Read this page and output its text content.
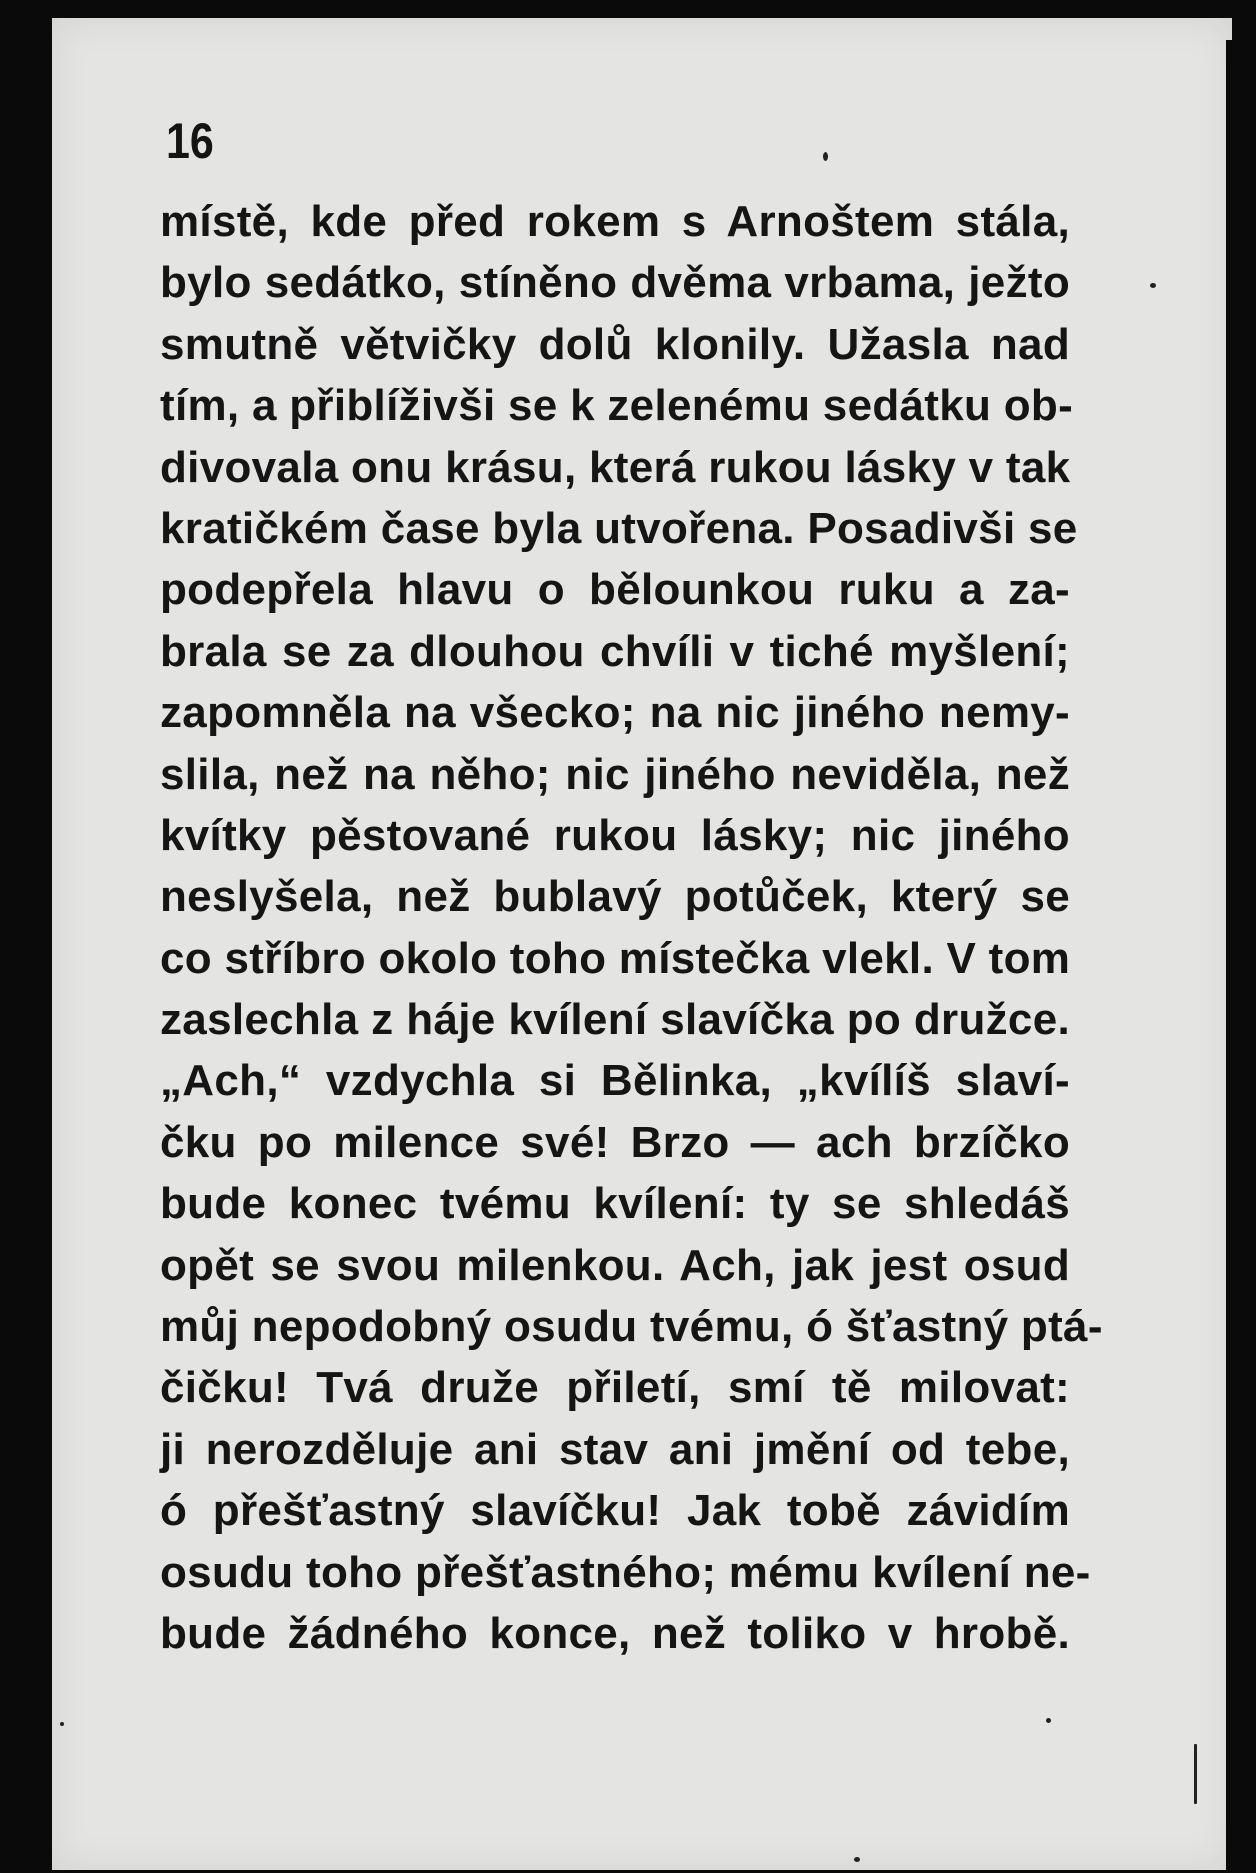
16
místě, kde před rokem s Arnoštem stála,
bylo sedátko, stíněno dvěma vrbama, ježto
smutně větvičky dolů klonily. Užasla nad
tím, a přiblíživši se k zelenému sedátku ob-
divovala onu krásu, která rukou lásky v tak
kratičkém čase byla utvořena. Posadivši se
podepřela hlavu o bělounkou ruku a za-
brala se za dlouhou chvíli v tiché myšlení;
zapomněla na všecko; na nic jiného nemy-
slila, než na něho; nic jiného neviděla, než
kvítky pěstované rukou lásky; nic jiného
neslyšela, než bublavý potůček, který se
co stříbro okolo toho místečka vlekl. V tom
zaslechla z háje kvílení slavíčka po družce.
„Ach,“ vzdychla si Bělinka, „kvílíš slaví-
čku po milence své! Brzo — ach brzíčko
bude konec tvému kvílení: ty se shledáš
opět se svou milenkou. Ach, jak jest osud
můj nepodobný osudu tvému, ó šťastný ptá-
čičku! Tvá druže přiletí, smí tě milovat:
ji nerozděluje ani stav ani jmění od tebe,
ó přešťastný slavíčku! Jak tobě závidím
osudu toho přešťastného; mému kvílení ne-
bude žádného konce, než toliko v hrobě.
